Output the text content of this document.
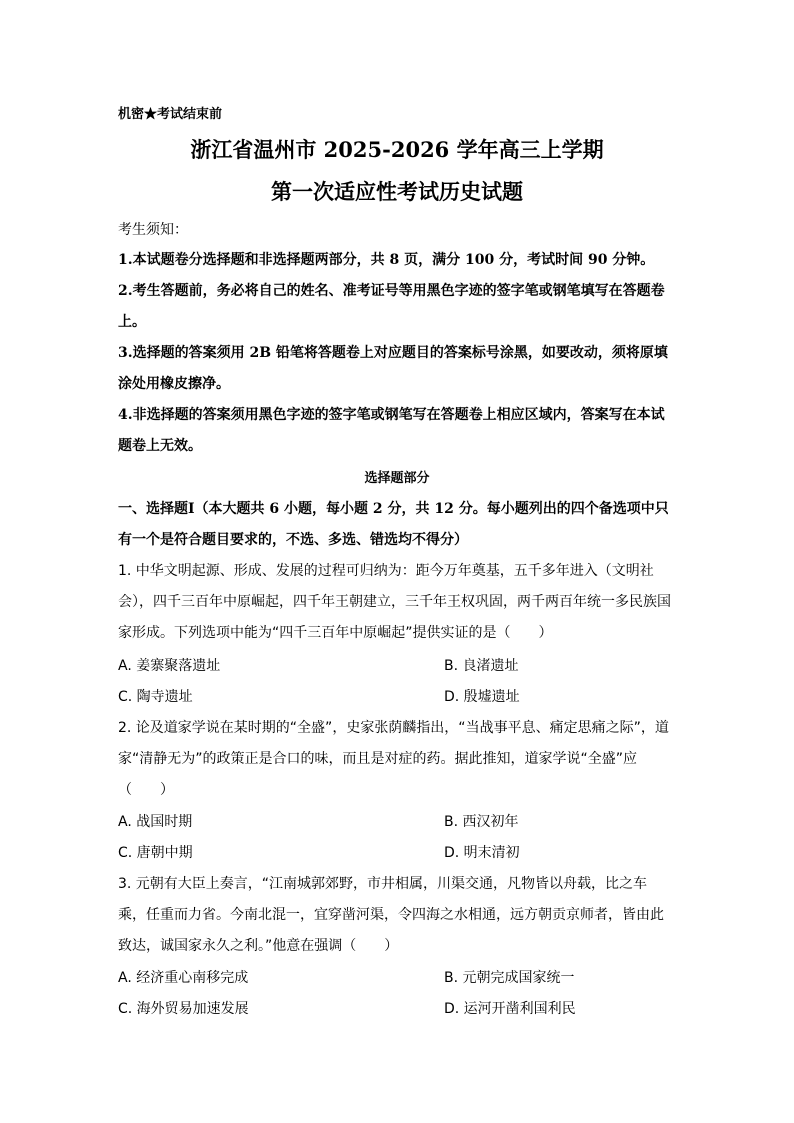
机密★考试结束前
浙江省温州市 2025-2026 学年高三上学期
第一次适应性考试历史试题
考生须知：
1.本试题卷分选择题和非选择题两部分，共 8 页，满分 100 分，考试时间 90 分钟。
2.考生答题前，务必将自己的姓名、准考证号等用黑色字迹的签字笔或钢笔填写在答题卷
上。
3.选择题的答案须用 2B 铅笔将答题卷上对应题目的答案标号涂黑，如要改动，须将原填
涂处用橡皮擦净。
4.非选择题的答案须用黑色字迹的签字笔或钢笔写在答题卷上相应区域内，答案写在本试
题卷上无效。
选择题部分
一、选择题Ⅰ（本大题共 6 小题，每小题 2 分，共 12 分。每小题列出的四个备选项中只
有一个是符合题目要求的，不选、多选、错选均不得分）
1. 中华文明起源、形成、发展的过程可归纳为：距今万年奠基，五千多年进入（文明社
会），四千三百年中原崛起，四千年王朝建立，三千年王权巩固，两千两百年统一多民族国
家形成。下列选项中能为“四千三百年中原崛起”提供实证的是（　　）
A. 姜寨聚落遗址	B. 良渚遗址
C. 陶寺遗址	D. 殷墟遗址
2. 论及道家学说在某时期的“全盛”，史家张荫麟指出，“当战事平息、痛定思痛之际”，道
家“清静无为”的政策正是合口的味，而且是对症的药。据此推知，道家学说“全盛”应
（　　）
A. 战国时期	B. 西汉初年
C. 唐朝中期	D. 明末清初
3. 元朝有大臣上奏言，“江南城郭郊野，市井相属，川渠交通，凡物皆以舟载，比之车
乘，任重而力省。今南北混一，宜穿凿河渠，令四海之水相通，远方朝贡京师者，皆由此
致达，诚国家永久之利。”他意在强调（　　）
A. 经济重心南移完成	B. 元朝完成国家统一
C. 海外贸易加速发展	D. 运河开凿利国利民
